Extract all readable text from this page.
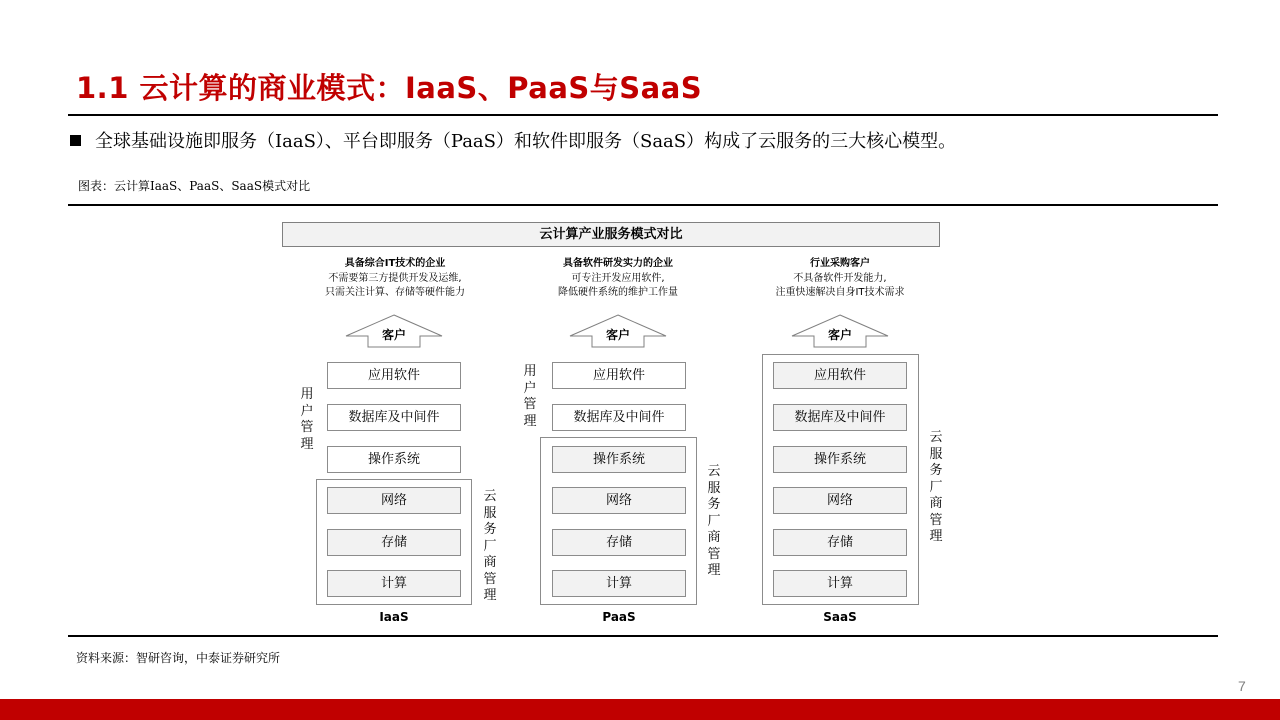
1.1 云计算的商业模式：IaaS、PaaS与SaaS
全球基础设施即服务（IaaS）、平台即服务（PaaS）和软件即服务（SaaS）构成了云服务的三大核心模型。
图表：云计算IaaS、PaaS、SaaS模式对比
云计算产业服务模式对比
具备综合IT技术的企业
不需要第三方提供开发及运维,
只需关注计算、存储等硬件能力
具备软件研发实力的企业
可专注开发应用软件,
降低硬件系统的维护工作量
行业采购客户
不具备软件开发能力,
注重快速解决自身IT技术需求
客户	客户	客户
应用软件
数据库及中间件
操作系统
网络
存储
计算
用户管理
云服务厂商管理
IaaS
应用软件
数据库及中间件
操作系统
网络
存储
计算
用户管理
云服务厂商管理
PaaS
应用软件
数据库及中间件
操作系统
网络
存储
计算
云服务厂商管理
SaaS
资料来源：智研咨询，中泰证券研究所
7
